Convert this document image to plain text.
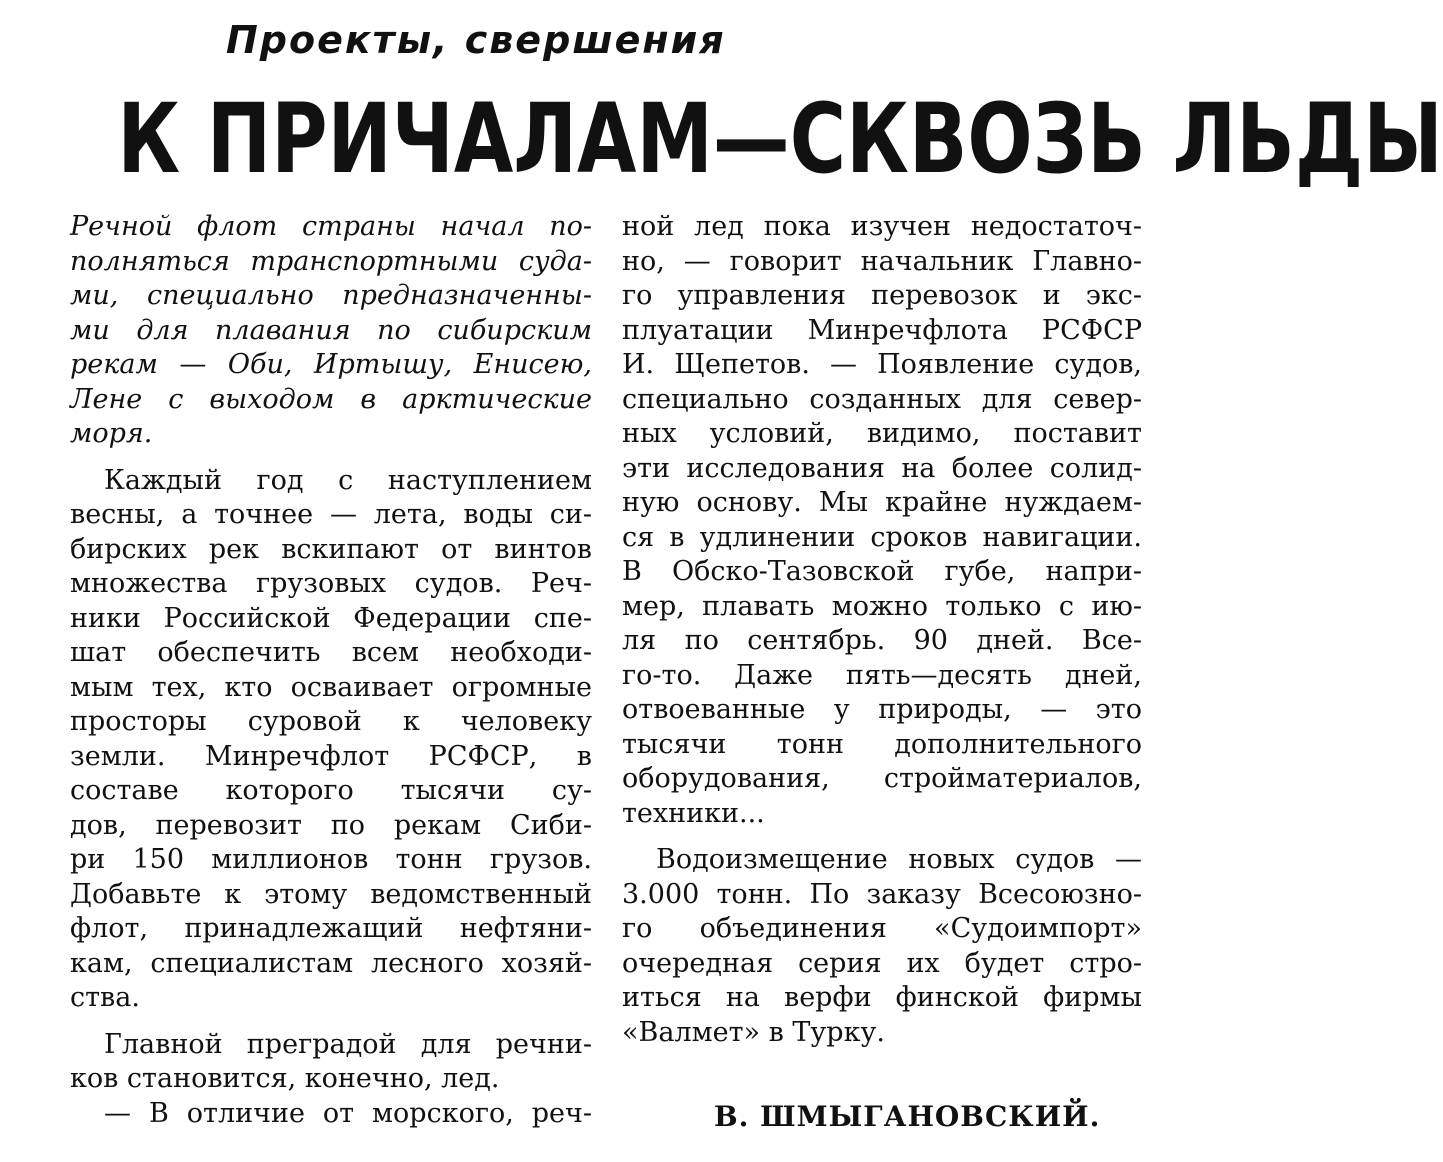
Проекты, свершения
К ПРИЧАЛАМ—СКВОЗЬ ЛЬДЫ

Речной флот страны начал по-

полняться транспортными суда-

ми, специально предназначенны-

ми для плавания по сибирским

рекам — Оби, Иртышу, Енисею,

Лене с выходом в арктические

моря.

Каждый год с наступлением

весны, а точнее — лета, воды си-

бирских рек вскипают от винтов

множества грузовых судов. Реч-

ники Российской Федерации спе-

шат обеспечить всем необходи-

мым тех, кто осваивает огромные

просторы суровой к человеку

земли. Минречфлот РСФСР, в

составе которого тысячи су-

дов, перевозит по рекам Сиби-

ри 150 миллионов тонн грузов.

Добавьте к этому ведомственный

флот, принадлежащий нефтяни-

кам, специалистам лесного хозяй-

ства.

Главной преградой для речни-

ков становится, конечно, лед.

— В отличие от морского, реч-

ной лед пока изучен недостаточ-

но, — говорит начальник Главно-

го управления перевозок и экс-

плуатации Минречфлота РСФСР

И. Щепетов. — Появление судов,

специально созданных для север-

ных условий, видимо, поставит

эти исследования на более солид-

ную основу. Мы крайне нуждаем-

ся в удлинении сроков навигации.

В Обско-Тазовской губе, напри-

мер, плавать можно только с ию-

ля по сентябрь. 90 дней. Все-

го-то. Даже пять—десять дней,

отвоеванные у природы, — это

тысячи тонн дополнительного

оборудования, стройматериалов,

техники...

Водоизмещение новых судов —

3.000 тонн. По заказу Всесоюзно-

го объединения «Судоимпорт»

очередная серия их будет стро-

иться на верфи финской фирмы

«Валмет» в Турку.

В. ШМЫГАНОВСКИЙ.
